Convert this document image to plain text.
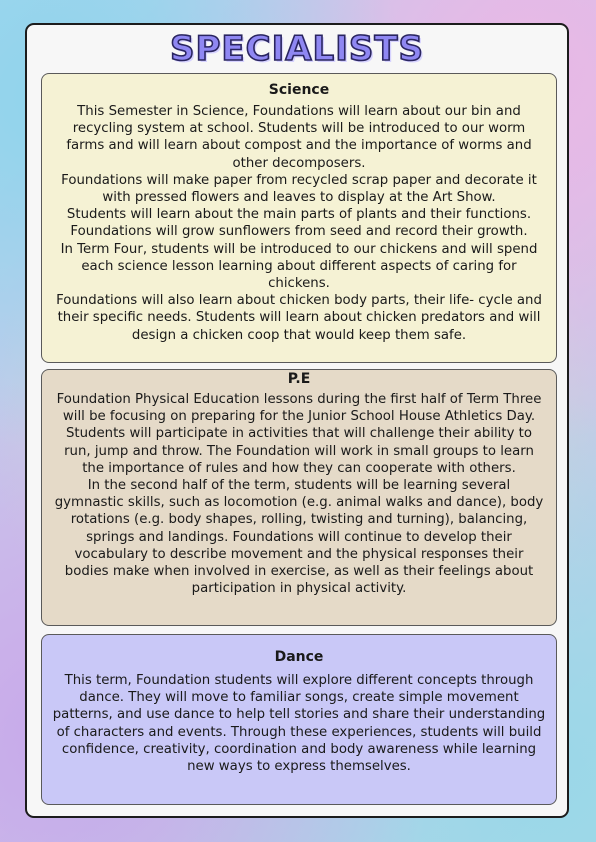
SPECIALISTS
Science

This Semester in Science, Foundations will learn about our bin and recycling system at school. Students will be introduced to our worm farms and will learn about compost and the importance of worms and other decomposers.

Foundations will make paper from recycled scrap paper and decorate it with pressed flowers and leaves to display at the Art Show.

Students will learn about the main parts of plants and their functions.

Foundations will grow sunflowers from seed and record their growth.

In Term Four, students will be introduced to our chickens and will spend each science lesson learning about different aspects of caring for chickens.

Foundations will also learn about chicken body parts, their life- cycle and their specific needs. Students will learn about chicken predators and will design a chicken coop that would keep them safe.

P.E

Foundation Physical Education lessons during the first half of Term Three will be focusing on preparing for the Junior School House Athletics Day. Students will participate in activities that will challenge their ability to run, jump and throw. The Foundation will work in small groups to learn the importance of rules and how they can cooperate with others.

In the second half of the term, students will be learning several gymnastic skills, such as locomotion (e.g. animal walks and dance), body rotations (e.g. body shapes, rolling, twisting and turning), balancing, springs and landings. Foundations will continue to develop their vocabulary to describe movement and the physical responses their bodies make when involved in exercise, as well as their feelings about participation in physical activity.

Dance

This term, Foundation students will explore different concepts through dance. They will move to familiar songs, create simple movement patterns, and use dance to help tell stories and share their understanding of characters and events. Through these experiences, students will build confidence, creativity, coordination and body awareness while learning new ways to express themselves.
